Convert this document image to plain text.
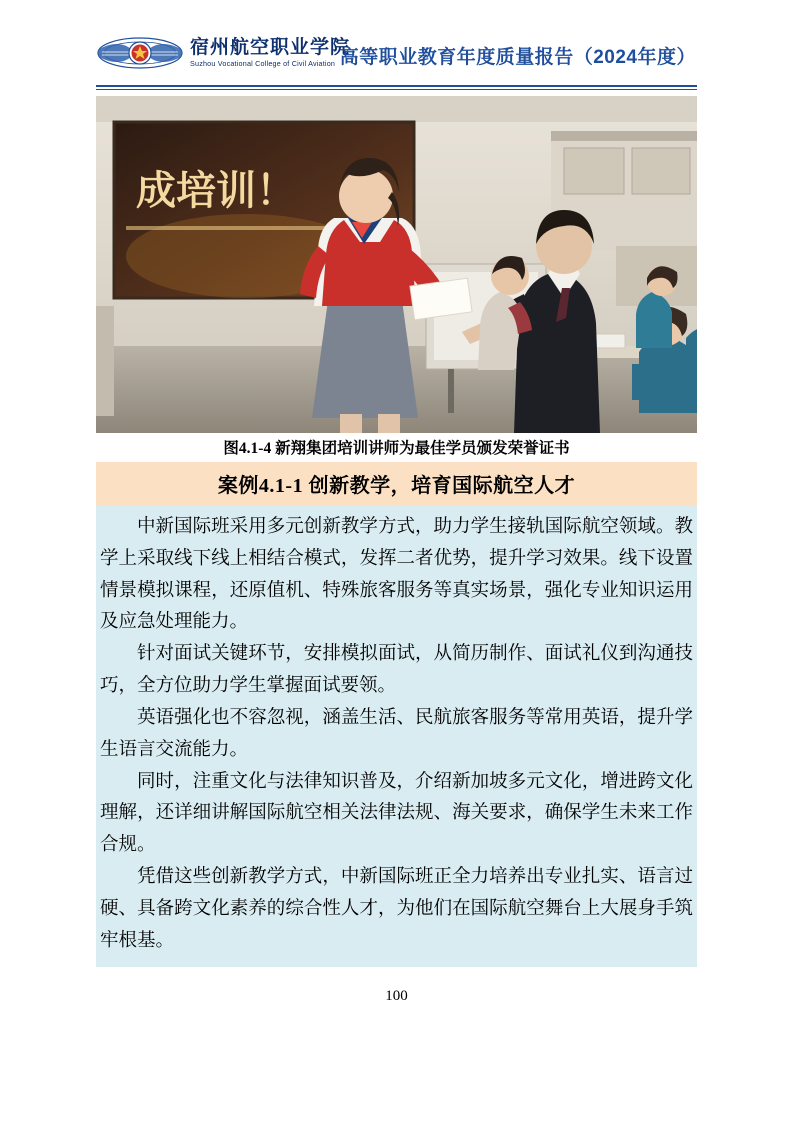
宿州航空职业学院
Suzhou Vocational College of Civil Aviation 高等职业教育年度质量报告（2024年度）
成培训！
图4.1-4 新翔集团培训讲师为最佳学员颁发荣誉证书
案例4.1-1 创新教学，培育国际航空人才

中新国际班采用多元创新教学方式，助力学生接轨国际航空领域。教学上采取线下线上相结合模式，发挥二者优势，提升学习效果。线下设置情景模拟课程，还原值机、特殊旅客服务等真实场景，强化专业知识运用及应急处理能力。

针对面试关键环节，安排模拟面试，从简历制作、面试礼仪到沟通技巧，全方位助力学生掌握面试要领。

英语强化也不容忽视，涵盖生活、民航旅客服务等常用英语，提升学生语言交流能力。

同时，注重文化与法律知识普及，介绍新加坡多元文化，增进跨文化理解，还详细讲解国际航空相关法律法规、海关要求，确保学生未来工作合规。

凭借这些创新教学方式，中新国际班正全力培养出专业扎实、语言过硬、具备跨文化素养的综合性人才，为他们在国际航空舞台上大展身手筑牢根基。

100
